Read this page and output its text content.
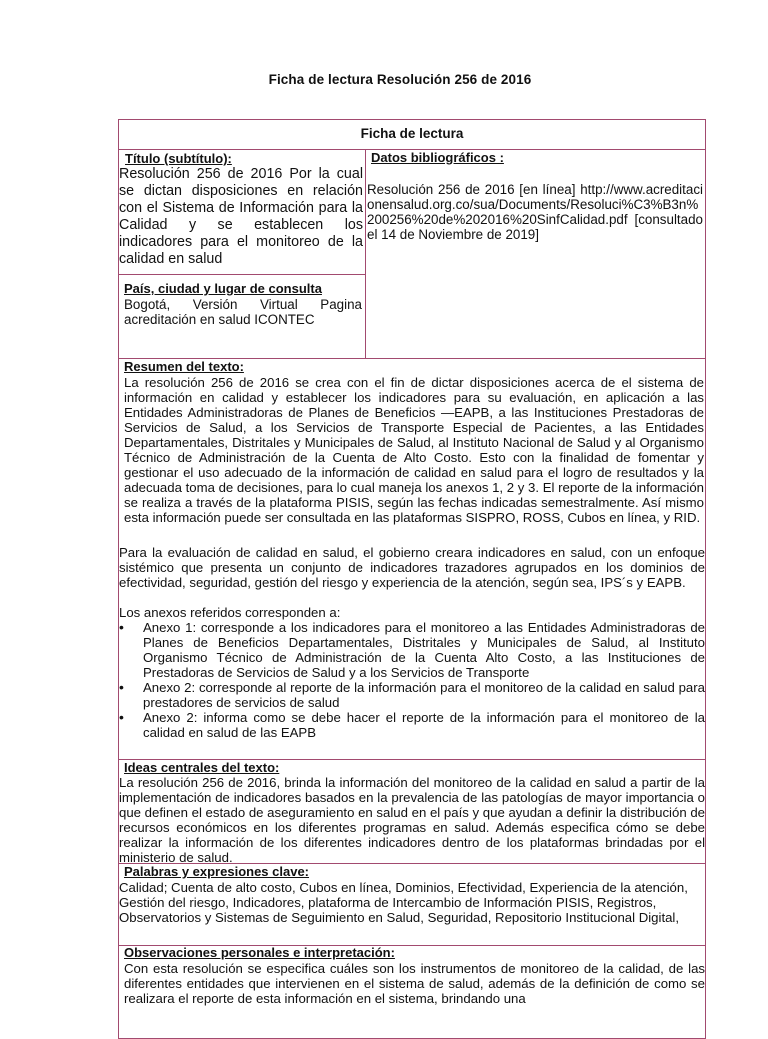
Ficha de lectura Resolución 256 de 2016
Ficha de lectura
Título (subtítulo):
Resolución 256 de 2016 Por la cual se dictan disposiciones en relación con el Sistema de Información para la Calidad y se establecen los indicadores para el monitoreo de la calidad en salud
Datos bibliográficos :
Resolución 256 de 2016 [en línea] http://www.acreditacionensalud.org.co/sua/Documents/Resoluci%C3%B3n%200256%20de%202016%20SinfCalidad.pdf [consultado el 14 de Noviembre de 2019]
País, ciudad y lugar de consulta
Bogotá, Versión Virtual Pagina acreditación en salud ICONTEC
Resumen del texto:
La resolución 256 de 2016 se crea con el fin de dictar disposiciones acerca de el sistema de información en calidad y establecer los indicadores para su evaluación, en aplicación a las Entidades Administradoras de Planes de Beneficios —EAPB, a las Instituciones Prestadoras de Servicios de Salud, a los Servicios de Transporte Especial de Pacientes, a las Entidades Departamentales, Distritales y Municipales de Salud, al Instituto Nacional de Salud y al Organismo Técnico de Administración de la Cuenta de Alto Costo. Esto con la finalidad de fomentar y gestionar el uso adecuado de la información de calidad en salud para el logro de resultados y la adecuada toma de decisiones, para lo cual maneja los anexos 1, 2 y 3. El reporte de la información se realiza a través de la plataforma PISIS, según las fechas indicadas semestralmente. Así mismo esta información puede ser consultada en las plataformas SISPRO, ROSS, Cubos en línea, y RID.
Para la evaluación de calidad en salud, el gobierno creara indicadores en salud, con un enfoque sistémico que presenta un conjunto de indicadores trazadores agrupados en los dominios de efectividad, seguridad, gestión del riesgo y experiencia de la atención, según sea, IPS´s y EAPB.
Los anexos referidos corresponden a:
• Anexo 1: corresponde a los indicadores para el monitoreo a las Entidades Administradoras de Planes de Beneficios Departamentales, Distritales y Municipales de Salud, al Instituto Organismo Técnico de Administración de la Cuenta Alto Costo, a las Instituciones de Prestadoras de Servicios de Salud y a los Servicios de Transporte
• Anexo 2: corresponde al reporte de la información para el monitoreo de la calidad en salud para prestadores de servicios de salud
• Anexo 2: informa como se debe hacer el reporte de la información para el monitoreo de la calidad en salud de las EAPB
Ideas centrales del texto:
La resolución 256 de 2016, brinda la información del monitoreo de la calidad en salud a partir de la implementación de indicadores basados en la prevalencia de las patologías de mayor importancia o que definen el estado de aseguramiento en salud en el país y que ayudan a definir la distribución de recursos económicos en los diferentes programas en salud. Además especifica cómo se debe realizar la información de los diferentes indicadores dentro de los plataformas brindadas por el ministerio de salud.
Palabras y expresiones clave:
Calidad; Cuenta de alto costo, Cubos en línea, Dominios, Efectividad, Experiencia de la atención, Gestión del riesgo, Indicadores, plataforma de Intercambio de Información PISIS, Registros, Observatorios y Sistemas de Seguimiento en Salud, Seguridad, Repositorio Institucional Digital,
Observaciones personales e interpretación:
Con esta resolución se especifica cuáles son los instrumentos de monitoreo de la calidad, de las diferentes entidades que intervienen en el sistema de salud, además de la definición de como se realizara el reporte de esta información en el sistema, brindando una
